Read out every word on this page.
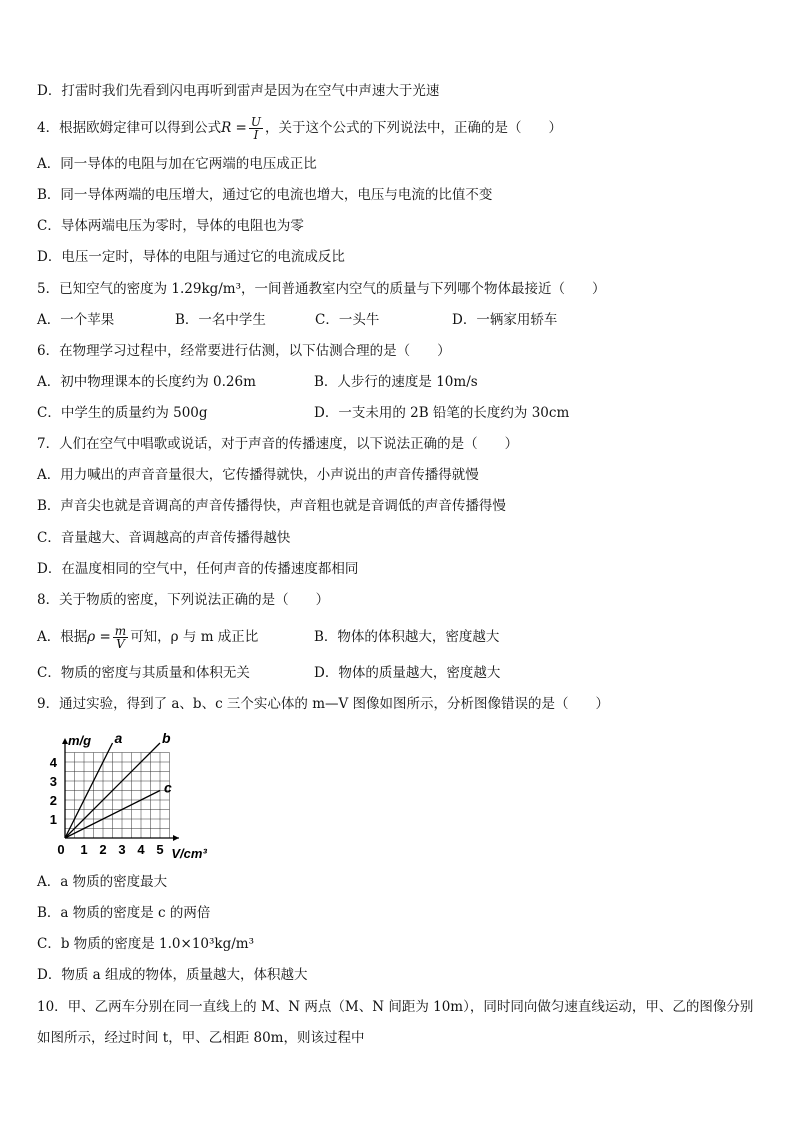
D．打雷时我们先看到闪电再听到雷声是因为在空气中声速大于光速
4．根据欧姆定律可以得到公式$R = \frac{U}{I}$ ，关于这个公式的下列说法中，正确的是（　　）
A．同一导体的电阻与加在它两端的电压成正比
B．同一导体两端的电压增大，通过它的电流也增大，电压与电流的比值不变
C．导体两端电压为零时，导体的电阻也为零
D．电压一定时，导体的电阻与通过它的电流成反比
5．已知空气的密度为 1.29kg/m³，一间普通教室内空气的质量与下列哪个物体最接近（　　）
A．一个苹果	B．一名中学生	C．一头牛	D．一辆家用轿车
6．在物理学习过程中，经常要进行估测，以下估测合理的是（　　）
A．初中物理课本的长度约为 0.26m	B．人步行的速度是 10m/s
C．中学生的质量约为 500g	D．一支未用的 2B 铅笔的长度约为 30cm
7．人们在空气中唱歌或说话，对于声音的传播速度，以下说法正确的是（　　）
A．用力喊出的声音音量很大，它传播得就快，小声说出的声音传播得就慢
B．声音尖也就是音调高的声音传播得快，声音粗也就是音调低的声音传播得慢
C．音量越大、音调越高的声音传播得越快
D．在温度相同的空气中，任何声音的传播速度都相同
8．关于物质的密度，下列说法正确的是（　　）
A．根据$\rho = \frac{m}{V}$ 可知，ρ 与 m 成正比	B．物体的体积越大，密度越大
C．物质的密度与其质量和体积无关	D．物体的质量越大，密度越大
9．通过实验，得到了 a、b、c 三个实心体的 m—V 图像如图所示，分析图像错误的是（　　）
a	b
c
0 1 2 3 4 5
1
2
3
4
V/cm³
m/g
A．a 物质的密度最大
B．a 物质的密度是 c 的两倍
C．b 物质的密度是 1.0×10³kg/m³
D．物质 a 组成的物体，质量越大，体积越大
10．甲、乙两车分别在同一直线上的 M、N 两点（M、N 间距为 10m），同时同向做匀速直线运动，甲、乙的图像分别
如图所示，经过时间 t，甲、乙相距 80m，则该过程中
